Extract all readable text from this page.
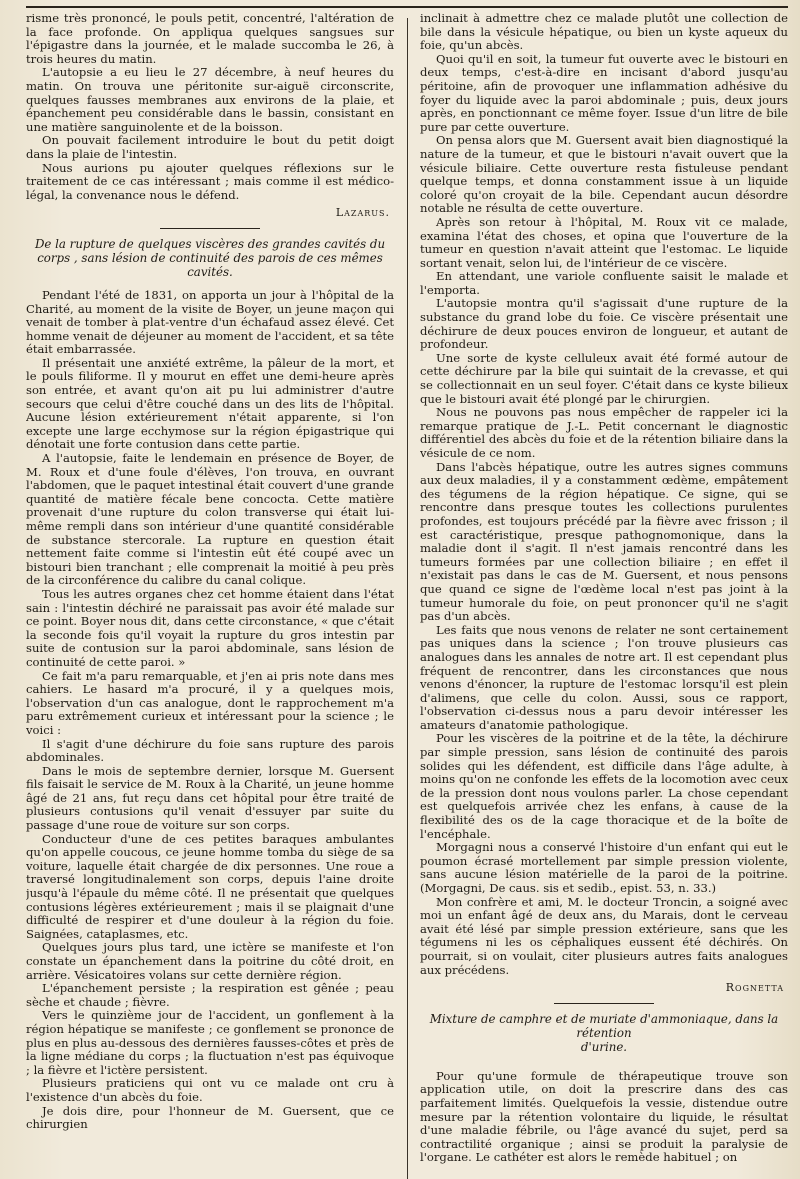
risme très prononcé, le pouls petit, concentré, l'altération de la face profonde. On appliqua quelques sangsues sur l'épigastre dans la journée, et le malade succomba le 26, à trois heures du matin.

L'autopsie a eu lieu le 27 décembre, à neuf heures du matin. On trouva une péritonite sur-aiguë circonscrite, quelques fausses membranes aux environs de la plaie, et épanchement peu considérable dans le bassin, consistant en une matière sanguinolente et de la boisson.

On pouvait facilement introduire le bout du petit doigt dans la plaie de l'intestin.

Nous aurions pu ajouter quelques réflexions sur le traitement de ce cas intéressant ; mais comme il est médico-légal, la convenance nous le défend.

Lazarus.

De la rupture de quelques viscères des grandes cavités du corps , sans lésion de continuité des parois de ces mêmes cavités.

Pendant l'été de 1831, on apporta un jour à l'hôpital de la Charité, au moment de la visite de Boyer, un jeune maçon qui venait de tomber à plat-ventre d'un échafaud assez élevé. Cet homme venait de déjeuner au moment de l'accident, et sa tête était embarrassée.

Il présentait une anxiété extrême, la pâleur de la mort, et le pouls filiforme. Il y mourut en effet une demi-heure après son entrée, et avant qu'on ait pu lui administrer d'autre secours que celui d'être couché dans un des lits de l'hôpital. Aucune lésion extérieurement n'était apparente, si l'on excepte une large ecchymose sur la région épigastrique qui dénotait une forte contusion dans cette partie.

A l'autopsie, faite le lendemain en présence de Boyer, de M. Roux et d'une foule d'élèves, l'on trouva, en ouvrant l'abdomen, que le paquet intestinal était couvert d'une grande quantité de matière fécale bene concocta. Cette matière provenait d'une rupture du colon transverse qui était lui-même rempli dans son intérieur d'une quantité considérable de substance stercorale. La rupture en question était nettement faite comme si l'intestin eût été coupé avec un bistouri bien tranchant ; elle comprenait la moitié à peu près de la circonférence du calibre du canal colique.

Tous les autres organes chez cet homme étaient dans l'état sain : l'intestin déchiré ne paraissait pas avoir été malade sur ce point. Boyer nous dit, dans cette circonstance, « que c'était la seconde fois qu'il voyait la rupture du gros intestin par suite de contusion sur la paroi abdominale, sans lésion de continuité de cette paroi. »

Ce fait m'a paru remarquable, et j'en ai pris note dans mes cahiers. Le hasard m'a procuré, il y a quelques mois, l'observation d'un cas analogue, dont le rapprochement m'a paru extrêmement curieux et intéressant pour la science ; le voici :

Il s'agit d'une déchirure du foie sans rupture des parois abdominales.

Dans le mois de septembre dernier, lorsque M. Guersent fils faisait le service de M. Roux à la Charité, un jeune homme âgé de 21 ans, fut reçu dans cet hôpital pour être traité de plusieurs contusions qu'il venait d'essuyer par suite du passage d'une roue de voiture sur son corps.

Conducteur d'une de ces petites baraques ambulantes qu'on appelle coucous, ce jeune homme tomba du siège de sa voiture, laquelle était chargée de dix personnes. Une roue a traversé longitudinalement son corps, depuis l'aine droite jusqu'à l'épaule du même côté. Il ne présentait que quelques contusions légères extérieurement ; mais il se plaignait d'une difficulté de respirer et d'une douleur à la région du foie. Saignées, cataplasmes, etc.

Quelques jours plus tard, une ictère se manifeste et l'on constate un épanchement dans la poitrine du côté droit, en arrière. Vésicatoires volans sur cette dernière région.

L'épanchement persiste ; la respiration est gênée ; peau sèche et chaude ; fièvre.

Vers le quinzième jour de l'accident, un gonflement à la région hépatique se manifeste ; ce gonflement se prononce de plus en plus au-dessous des dernières fausses-côtes et près de la ligne médiane du corps ; la fluctuation n'est pas équivoque ; la fièvre et l'ictère persistent.

Plusieurs praticiens qui ont vu ce malade ont cru à l'existence d'un abcès du foie.

Je dois dire, pour l'honneur de M. Guersent, que ce chirurgien

inclinait à admettre chez ce malade plutôt une collection de bile dans la vésicule hépatique, ou bien un kyste aqueux du foie, qu'un abcès.

Quoi qu'il en soit, la tumeur fut ouverte avec le bistouri en deux temps, c'est-à-dire en incisant d'abord jusqu'au péritoine, afin de provoquer une inflammation adhésive du foyer du liquide avec la paroi abdominale ; puis, deux jours après, en ponctionnant ce même foyer. Issue d'un litre de bile pure par cette ouverture.

On pensa alors que M. Guersent avait bien diagnostiqué la nature de la tumeur, et que le bistouri n'avait ouvert que la vésicule biliaire. Cette ouverture resta fistuleuse pendant quelque temps, et donna constamment issue à un liquide coloré qu'on croyait de la bile. Cependant aucun désordre notable ne résulta de cette ouverture.

Après son retour à l'hôpital, M. Roux vit ce malade, examina l'état des choses, et opina que l'ouverture de la tumeur en question n'avait atteint que l'estomac. Le liquide sortant venait, selon lui, de l'intérieur de ce viscère.

En attendant, une variole confluente saisit le malade et l'emporta.

L'autopsie montra qu'il s'agissait d'une rupture de la substance du grand lobe du foie. Ce viscère présentait une déchirure de deux pouces environ de longueur, et autant de profondeur.

Une sorte de kyste celluleux avait été formé autour de cette déchirure par la bile qui suintait de la crevasse, et qui se collectionnait en un seul foyer. C'était dans ce kyste bilieux que le bistouri avait été plongé par le chirurgien.

Nous ne pouvons pas nous empêcher de rappeler ici la remarque pratique de J.-L. Petit concernant le diagnostic différentiel des abcès du foie et de la rétention biliaire dans la vésicule de ce nom.

Dans l'abcès hépatique, outre les autres signes communs aux deux maladies, il y a constamment œdème, empâtement des tégumens de la région hépatique. Ce signe, qui se rencontre dans presque toutes les collections purulentes profondes, est toujours précédé par la fièvre avec frisson ; il est caractéristique, presque pathognomonique, dans la maladie dont il s'agit. Il n'est jamais rencontré dans les tumeurs formées par une collection biliaire ; en effet il n'existait pas dans le cas de M. Guersent, et nous pensons que quand ce signe de l'œdème local n'est pas joint à la tumeur humorale du foie, on peut prononcer qu'il ne s'agit pas d'un abcès.

Les faits que nous venons de relater ne sont certainement pas uniques dans la science ; l'on trouve plusieurs cas analogues dans les annales de notre art. Il est cependant plus fréquent de rencontrer, dans les circonstances que nous venons d'énoncer, la rupture de l'estomac lorsqu'il est plein d'alimens, que celle du colon. Aussi, sous ce rapport, l'observation ci-dessus nous a paru devoir intéresser les amateurs d'anatomie pathologique.

Pour les viscères de la poitrine et de la tête, la déchirure par simple pression, sans lésion de continuité des parois solides qui les défendent, est difficile dans l'âge adulte, à moins qu'on ne confonde les effets de la locomotion avec ceux de la pression dont nous voulons parler. La chose cependant est quelquefois arrivée chez les enfans, à cause de la flexibilité des os de la cage thoracique et de la boîte de l'encéphale.

Morgagni nous a conservé l'histoire d'un enfant qui eut le poumon écrasé mortellement par simple pression violente, sans aucune lésion matérielle de la paroi de la poitrine. (Morgagni, De caus. sis et sedib., epist. 53, n. 33.)

Mon confrère et ami, M. le docteur Troncin, a soigné avec moi un enfant âgé de deux ans, du Marais, dont le cerveau avait été lésé par simple pression extérieure, sans que les tégumens ni les os céphaliques eussent été déchirés. On pourrait, si on voulait, citer plusieurs autres faits analogues aux précédens.

Rognetta

Mixture de camphre et de muriate d'ammoniaque, dans la rétention
d'urine.

Pour qu'une formule de thérapeutique trouve son application utile, on doit la prescrire dans des cas parfaitement limités. Quelquefois la vessie, distendue outre mesure par la rétention volontaire du liquide, le résultat d'une maladie fébrile, ou l'âge avancé du sujet, perd sa contractilité organique ; ainsi se produit la paralysie de l'organe. Le cathéter est alors le remède habituel ; on
